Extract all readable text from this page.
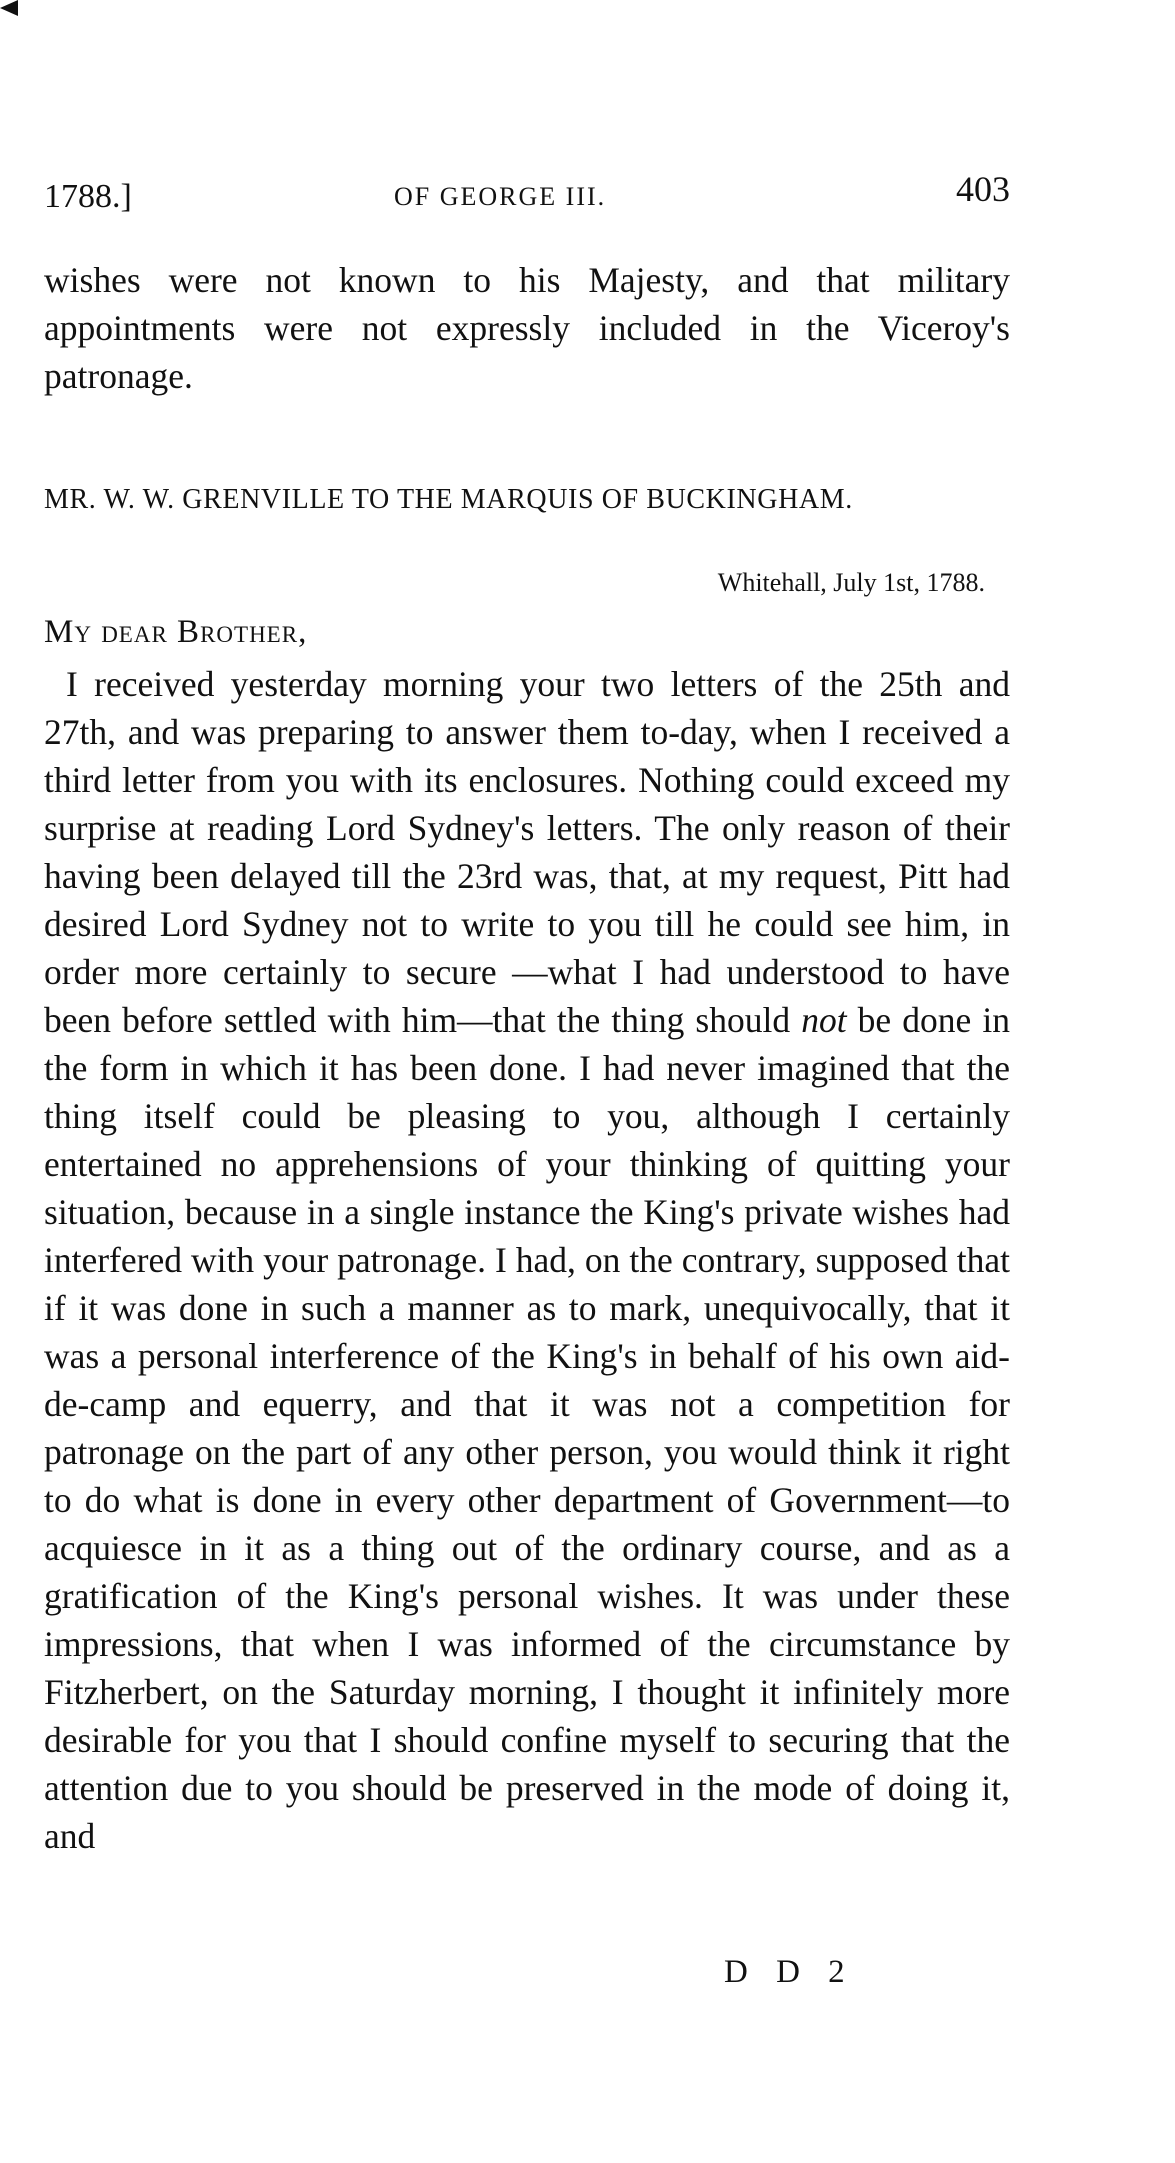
1788.]	OF GEORGE III.	403

wishes were not known to his Majesty, and that military appointments were not expressly included in the Viceroy's patronage.

MR. W. W. GRENVILLE TO THE MARQUIS OF BUCKINGHAM.
Whitehall, July 1st, 1788.
My dear Brother,

I received yesterday morning your two letters of the 25th and 27th, and was preparing to answer them to-day, when I received a third letter from you with its enclosures. Nothing could exceed my surprise at reading Lord Sydney's letters. The only reason of their having been delayed till the 23rd was, that, at my request, Pitt had desired Lord Sydney not to write to you till he could see him, in order more certainly to secure —what I had understood to have been before settled with him—that the thing should not be done in the form in which it has been done. I had never imagined that the thing itself could be pleasing to you, although I certainly entertained no apprehensions of your thinking of quitting your situation, because in a single instance the King's private wishes had interfered with your patronage. I had, on the contrary, supposed that if it was done in such a manner as to mark, unequivocally, that it was a personal interference of the King's in behalf of his own aid-de-camp and equerry, and that it was not a competition for patronage on the part of any other person, you would think it right to do what is done in every other department of Government—to acquiesce in it as a thing out of the ordinary course, and as a gratification of the King's personal wishes. It was under these impressions, that when I was informed of the circumstance by Fitzherbert, on the Saturday morning, I thought it infinitely more desirable for you that I should confine myself to securing that the attention due to you should be preserved in the mode of doing it, and

D D 2
